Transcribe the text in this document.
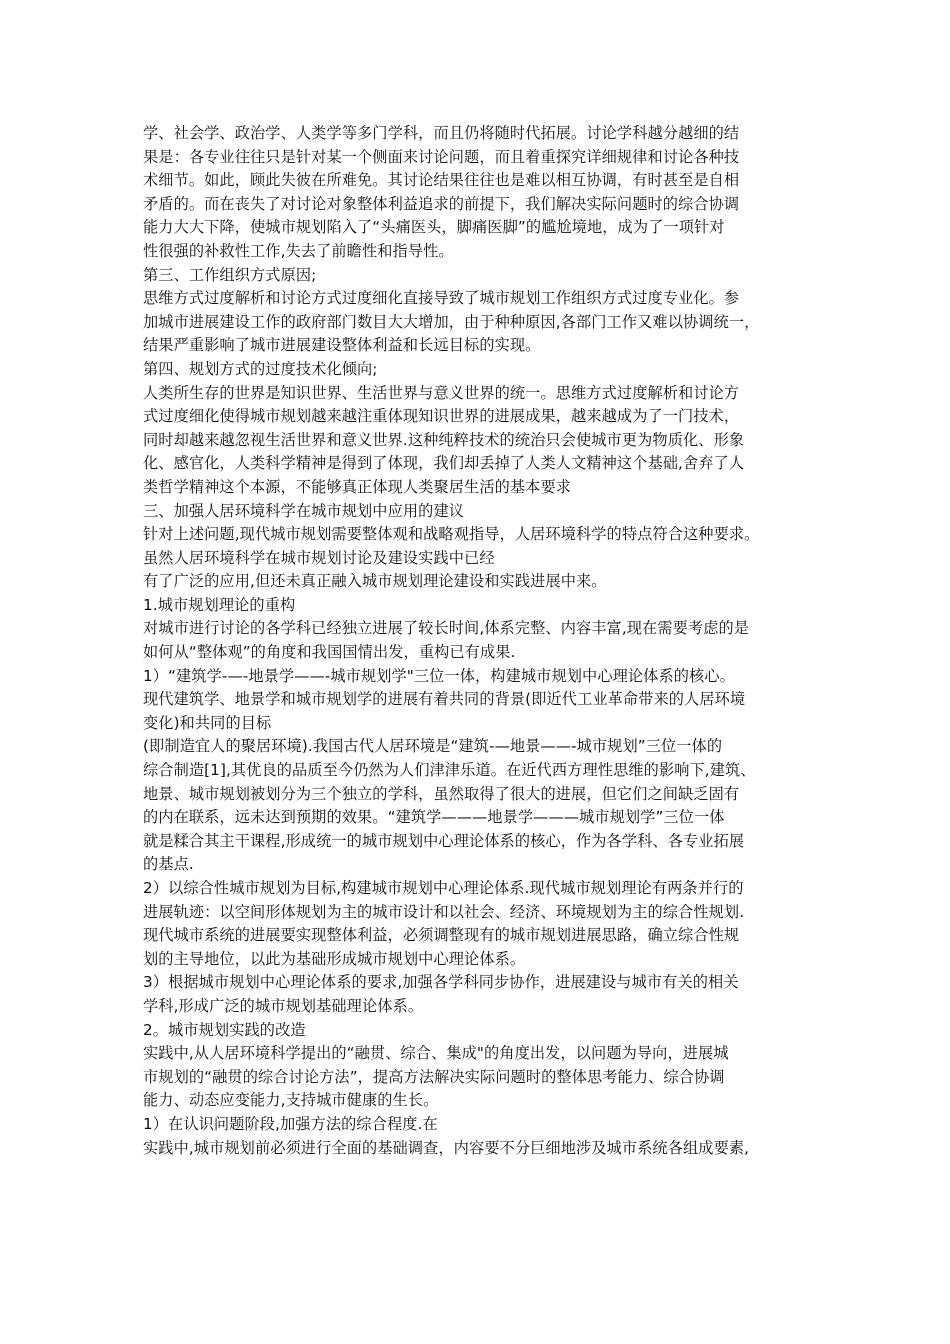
学、社会学、政治学、人类学等多门学科，而且仍将随时代拓展。讨论学科越分越细的结
果是：各专业往往只是针对某一个侧面来讨论问题，而且着重探究详细规律和讨论各种技
术细节。如此，顾此失彼在所难免。其讨论结果往往也是难以相互协调，有时甚至是自相
矛盾的。而在丧失了对讨论对象整体利益追求的前提下，我们解决实际问题时的综合协调
能力大大下降，使城市规划陷入了“头痛医头，脚痛医脚”的尴尬境地，成为了一项针对
性很强的补救性工作,失去了前瞻性和指导性。
第三、工作组织方式原因;
思维方式过度解析和讨论方式过度细化直接导致了城市规划工作组织方式过度专业化。参
加城市进展建设工作的政府部门数目大大增加，由于种种原因,各部门工作又难以协调统一，
结果严重影响了城市进展建设整体利益和长远目标的实现。
第四、规划方式的过度技术化倾向;
人类所生存的世界是知识世界、生活世界与意义世界的统一。思维方式过度解析和讨论方
式过度细化使得城市规划越来越注重体现知识世界的进展成果，越来越成为了一门技术，
同时却越来越忽视生活世界和意义世界.这种纯粹技术的统治只会使城市更为物质化、形象
化、感官化，人类科学精神是得到了体现，我们却丢掉了人类人文精神这个基础,舍弃了人
类哲学精神这个本源，不能够真正体现人类聚居生活的基本要求
三、加强人居环境科学在城市规划中应用的建议
针对上述问题,现代城市规划需要整体观和战略观指导，人居环境科学的特点符合这种要求。
虽然人居环境科学在城市规划讨论及建设实践中已经
有了广泛的应用,但还未真正融入城市规划理论建设和实践进展中来。
1.城市规划理论的重构
对城市进行讨论的各学科已经独立进展了较长时间,体系完整、内容丰富,现在需要考虑的是
如何从“整体观”的角度和我国国情出发，重构已有成果.
1）“建筑学-—-地景学——-城市规划学"三位一体，构建城市规划中心理论体系的核心。
现代建筑学、地景学和城市规划学的进展有着共同的背景(即近代工业革命带来的人居环境
变化)和共同的目标
(即制造宜人的聚居环境).我国古代人居环境是“建筑-—地景——-城市规划”三位一体的
综合制造[1],其优良的品质至今仍然为人们津津乐道。在近代西方理性思维的影响下,建筑、
地景、城市规划被划分为三个独立的学科，虽然取得了很大的进展，但它们之间缺乏固有
的内在联系，远未达到预期的效果。“建筑学———地景学———城市规划学”三位一体
就是糅合其主干课程,形成统一的城市规划中心理论体系的核心，作为各学科、各专业拓展
的基点.
2）以综合性城市规划为目标,构建城市规划中心理论体系.现代城市规划理论有两条并行的
进展轨迹：以空间形体规划为主的城市设计和以社会、经济、环境规划为主的综合性规划.
现代城市系统的进展要实现整体利益，必须调整现有的城市规划进展思路，确立综合性规
划的主导地位，以此为基础形成城市规划中心理论体系。
3）根据城市规划中心理论体系的要求,加强各学科同步协作，进展建设与城市有关的相关
学科,形成广泛的城市规划基础理论体系。
2。城市规划实践的改造
实践中,从人居环境科学提出的“融贯、综合、集成"的角度出发，以问题为导向，进展城
市规划的“融贯的综合讨论方法”，提高方法解决实际问题时的整体思考能力、综合协调
能力、动态应变能力,支持城市健康的生长。
1）在认识问题阶段,加强方法的综合程度.在
实践中,城市规划前必须进行全面的基础调查，内容要不分巨细地涉及城市系统各组成要素,
